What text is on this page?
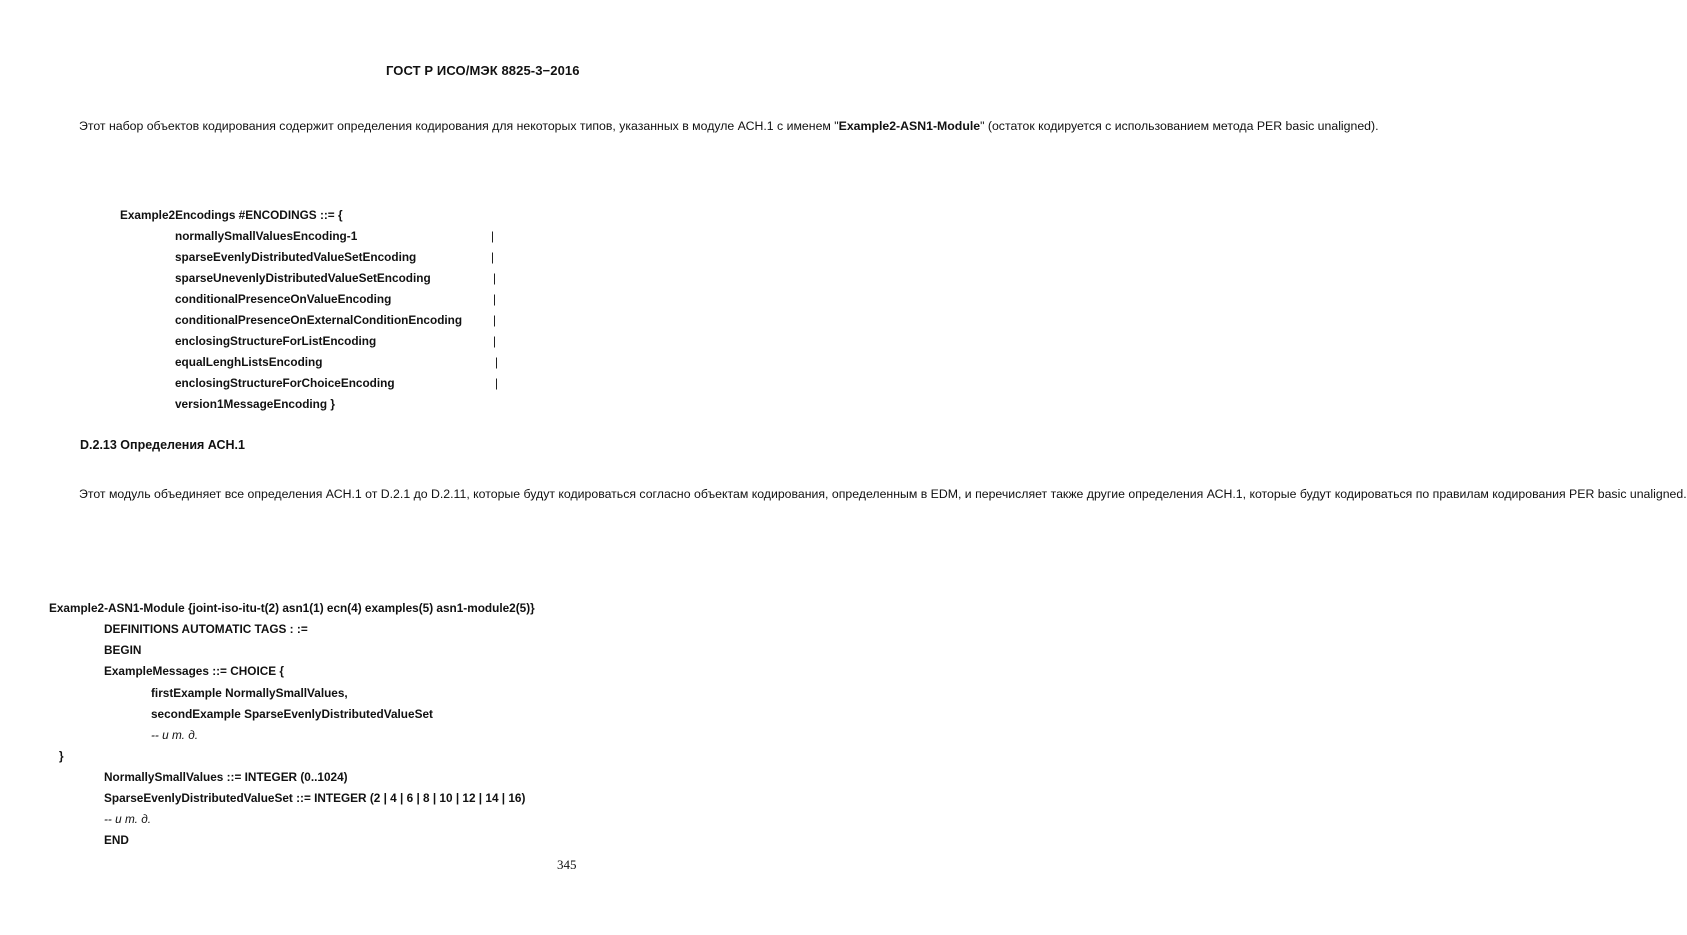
ГОСТ Р ИСО/МЭК 8825-3−2016

Этот набор объектов кодирования содержит определения кодирования для некоторых типов, указанных в модуле АСН.1 с именем "Example2-ASN1-Module" (остаток кодируется с использованием метода PER basic unaligned).

Example2Encodings #ENCODINGS ::= {
normallySmallValuesEncoding-1
sparseEvenlyDistributedValueSetEncoding
sparseUnevenlyDistributedValueSetEncoding
conditionalPresenceOnValueEncoding
conditionalPresenceOnExternalConditionEncoding
enclosingStructureForListEncoding
equalLenghListsEncoding
enclosingStructureForChoiceEncoding
version1MessageEncoding }
|
|
|
|
|
|
|
|
D.2.13 Определения АСН.1

Этот модуль объединяет все определения АСН.1 от D.2.1 до D.2.11, которые будут кодироваться согласно объектам кодирования, определенным в EDM, и перечисляет также другие определения АСН.1, которые будут кодироваться по правилам кодирования PER basic unaligned.

Example2-ASN1-Module {joint-iso-itu-t(2) asn1(1) ecn(4) examples(5) asn1-module2(5)}
DEFINITIONS AUTOMATIC TAGS : :=
BEGIN
ExampleMessages ::= CHOICE {
firstExample NormallySmallValues,
secondExample SparseEvenlyDistributedValueSet
-- и т. д.
}
NormallySmallValues ::= INTEGER (0..1024)
SparseEvenlyDistributedValueSet ::= INTEGER (2 | 4 | 6 | 8 | 10 | 12 | 14 | 16)
-- и т. д.
END
345
